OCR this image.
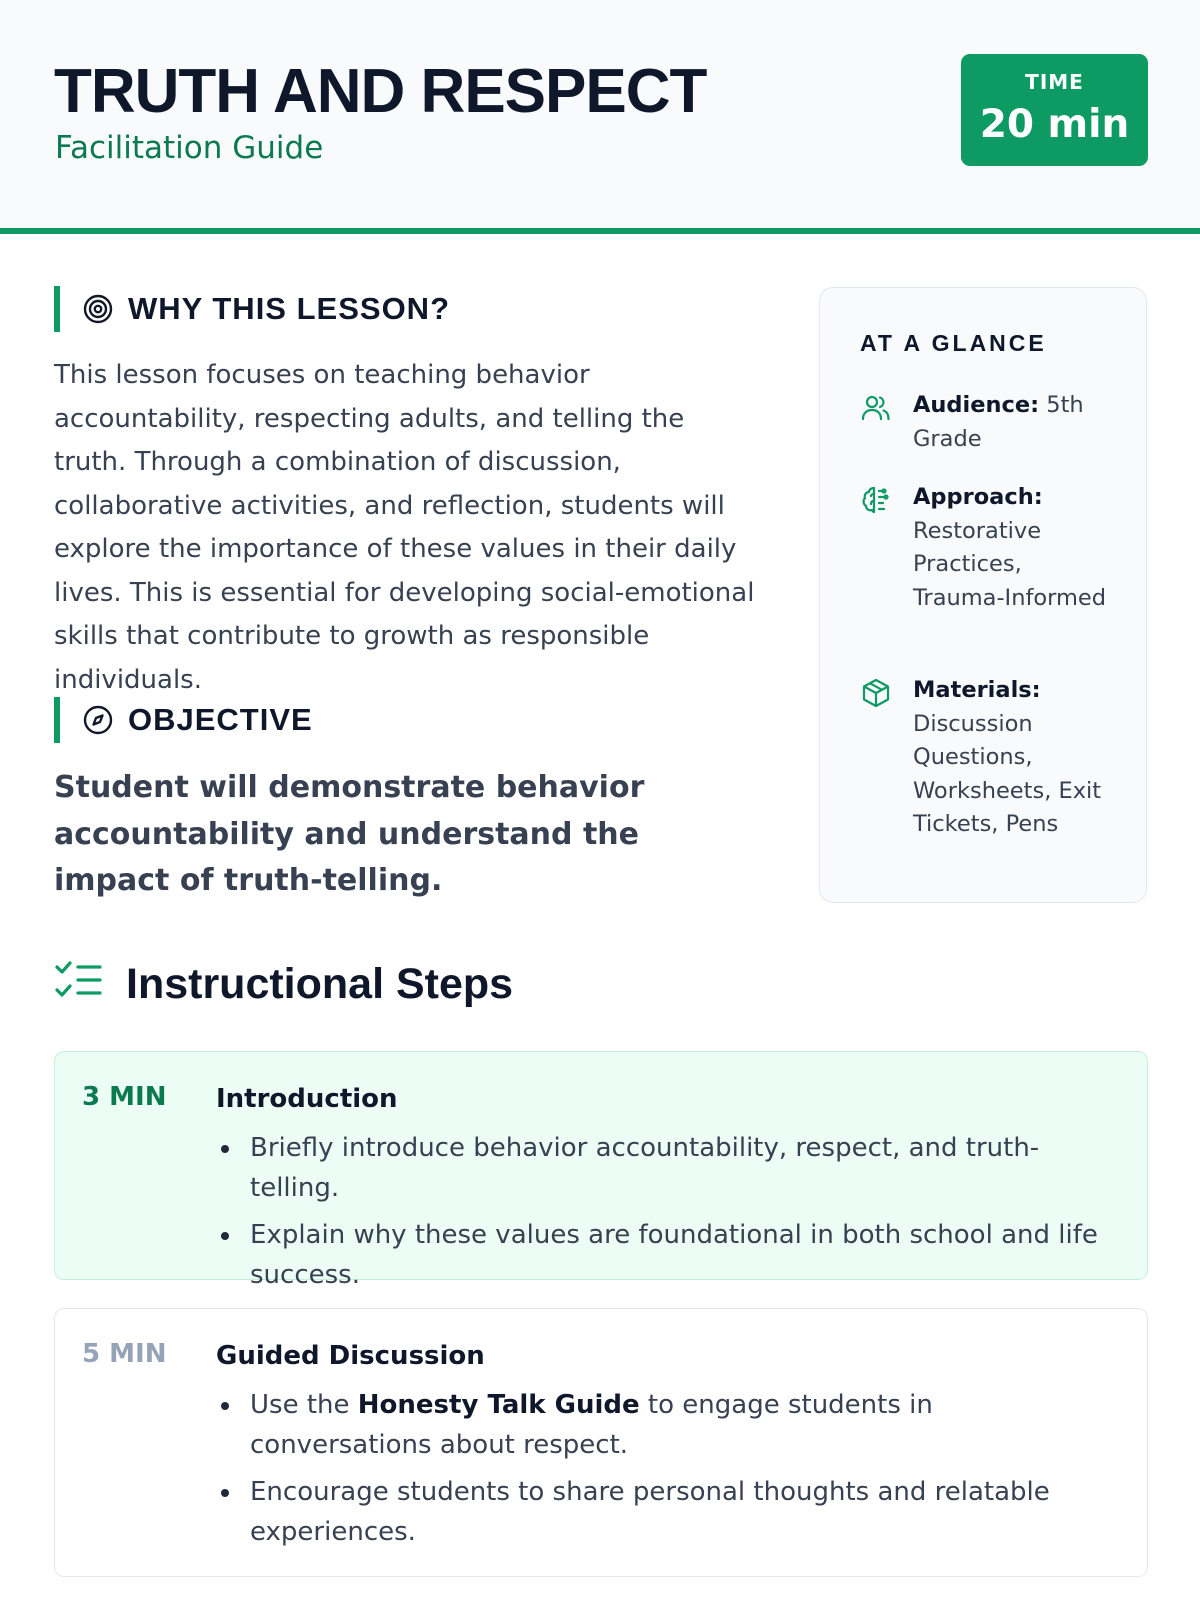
TRUTH AND RESPECT
Facilitation Guide
TIME
20 min
WHY THIS LESSON?

This lesson focuses on teaching behavior accountability, respecting adults, and telling the truth. Through a combination of discussion, collaborative activities, and reflection, students will explore the importance of these values in their daily lives. This is essential for developing social-emotional skills that contribute to growth as responsible individuals.

OBJECTIVE

Student will demonstrate behavior accountability and understand the impact of truth-telling.

AT A GLANCE
Audience: 5th Grade
Approach: Restorative Practices, Trauma-Informed
Materials: Discussion Questions, Worksheets, Exit Tickets, Pens
Instructional Steps
3 MIN Introduction
Briefly introduce behavior accountability, respect, and truth-telling.
Explain why these values are foundational in both school and life success.
5 MIN Guided Discussion
Use the Honesty Talk Guide to engage students in conversations about respect.
Encourage students to share personal thoughts and relatable experiences.
